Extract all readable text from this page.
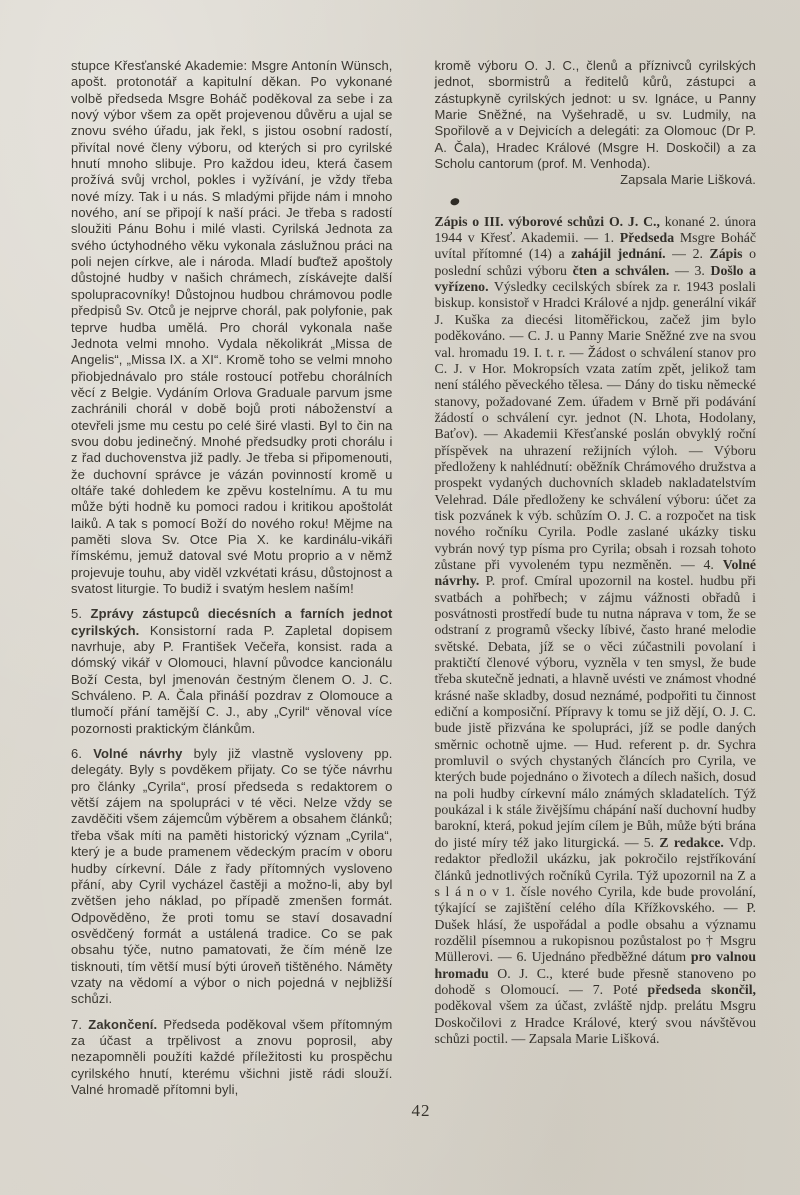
stupce Křesťanské Akademie: Msgre Antonín Wünsch, apošt. protonotář a kapitulní děkan. Po vykonané volbě předseda Msgre Boháč poděkoval za sebe i za nový výbor všem za opět projevenou důvěru a ujal se znovu svého úřadu, jak řekl, s jistou osobní radostí, přivítal nové členy výboru, od kterých si pro cyrilské hnutí mnoho slibuje. Pro každou ideu, která časem prožívá svůj vrchol, pokles i vyžívání, je vždy třeba nové mízy. Tak i u nás. S mladými přijde nám i mnoho nového, aní se připojí k naší práci. Je třeba s radostí sloužiti Pánu Bohu i milé vlasti. Cyrilská Jednota za svého úctyhodného věku vykonala záslužnou práci na poli nejen církve, ale i národa. Mladí buďtež apoštoly důstojné hudby v našich chrámech, získávejte další spolupracovníky! Důstojnou hudbou chrámovou podle předpisů Sv. Otců je nejprve chorál, pak polyfonie, pak teprve hudba umělá. Pro chorál vykonala naše Jednota velmi mnoho. Vydala několikrát „Missa de Angelis“, „Missa IX. a XI“. Kromě toho se velmi mnoho přiobjednávalo pro stále rostoucí potřebu chorálních věcí z Belgie. Vydáním Orlova Graduale parvum jsme zachránili chorál v době bojů proti náboženství a otevřeli jsme mu cestu po celé širé vlasti. Byl to čin na svou dobu jedinečný. Mnohé předsudky proti chorálu i z řad duchovenstva již padly. Je třeba si připomenouti, že duchovní správce je vázán povinností kromě u oltáře také dohledem ke zpěvu kostelnímu. A tu mu může býti hodně ku pomoci radou i kritikou apoštolát laiků. A tak s pomocí Boží do nového roku! Mějme na paměti slova Sv. Otce Pia X. ke kardinálu-vikáři římskému, jemuž datoval své Motu proprio a v němž projevuje touhu, aby viděl vzkvétati krásu, důstojnost a svatost liturgie. To budiž i svatým heslem naším!

5. Zprávy zástupců diecésních a farních jednot cyrilských. Konsistorní rada P. Zapletal dopisem navrhuje, aby P. František Večeřa, konsist. rada a dómský vikář v Olomouci, hlavní původce kancionálu Boží Cesta, byl jmenován čestným členem O. J. C. Schváleno. P. A. Čala přináší pozdrav z Olomouce a tlumočí přání tamější C. J., aby „Cyril“ věnoval více pozornosti praktickým článkům.

6. Volné návrhy byly již vlastně vysloveny pp. delegáty. Byly s povděkem přijaty. Co se týče návrhu pro články „Cyrila“, prosí předseda s redaktorem o větší zájem na spolupráci v té věci. Nelze vždy se zavděčiti všem zájemcům výběrem a obsahem článků; třeba však míti na paměti historický význam „Cyrila“, který je a bude pramenem vědeckým pracím v oboru hudby církevní. Dále z řady přítomných vysloveno přání, aby Cyril vycházel častěji a možno-li, aby byl zvětšen jeho náklad, po případě zmenšen formát. Odpověděno, že proti tomu se staví dosavadní osvědčený formát a ustálená tradice. Co se pak obsahu týče, nutno pamatovati, že čím méně lze tisknouti, tím větší musí býti úroveň tištěného. Náměty vzaty na vědomí a výbor o nich pojedná v nejbližší schůzi.

7. Zakončení. Předseda poděkoval všem přítomným za účast a trpělivost a znovu poprosil, aby nezapomněli použíti každé příležitosti ku prospěchu cyrilského hnutí, kterému všichni jistě rádi slouží. Valné hromadě přítomni byli,

kromě výboru O. J. C., členů a příznivců cyrilských jednot, sbormistrů a ředitelů kůrů, zástupci a zástupkyně cyrilských jednot: u sv. Ignáce, u Panny Marie Sněžné, na Vyšehradě, u sv. Ludmily, na Spořilově a v Dejvicích a delegáti: za Olomouc (Dr P. A. Čala), Hradec Králové (Msgre H. Doskočil) a za Scholu cantorum (prof. M. Venhoda).

Zapsala Marie Lišková.
●

Zápis o III. výborové schůzi O. J. C., konané 2. února 1944 v Křesť. Akademii. — 1. Předseda Msgre Boháč uvítal přítomné (14) a zahájil jednání. — 2. Zápis o poslední schůzi výboru čten a schválen. — 3. Došlo a vyřízeno. Výsledky cecilských sbírek za r. 1943 poslali biskup. konsistoř v Hradci Králové a njdp. generální vikář J. Kuška za diecési litoměřickou, začež jim bylo poděkováno. — C. J. u Panny Marie Sněžné zve na svou val. hromadu 19. I. t. r. — Žádost o schválení stanov pro C. J. v Hor. Mokropsích vzata zatím zpět, jelikož tam není stálého pěveckého tělesa. — Dány do tisku německé stanovy, požadované Zem. úřadem v Brně při podávání žádostí o schválení cyr. jednot (N. Lhota, Hodolany, Baťov). — Akademii Křesťanské poslán obvyklý roční příspěvek na uhrazení režijních výloh. — Výboru předloženy k nahlédnutí: oběžník Chrámového družstva a prospekt vydaných duchovních skladeb nakladatelstvím Velehrad. Dále předloženy ke schválení výboru: účet za tisk pozvánek k výb. schůzím O. J. C. a rozpočet na tisk nového ročníku Cyrila. Podle zaslané ukázky tisku vybrán nový typ písma pro Cyrila; obsah i rozsah tohoto zůstane při vyvoleném typu nezměněn. — 4. Volné návrhy. P. prof. Cmíral upozornil na kostel. hudbu při svatbách a pohřbech; v zájmu vážnosti obřadů i posvátnosti prostředí bude tu nutna náprava v tom, že se odstraní z programů všecky líbivé, často hrané melodie světské. Debata, jíž se o věci zúčastnili povolaní i praktičtí členové výboru, vyzněla v ten smysl, že bude třeba skutečně jednati, a hlavně uvésti ve známost vhodné krásné naše skladby, dosud neznámé, podpořiti tu činnost ediční a komposiční. Přípravy k tomu se již dějí, O. J. C. bude jistě přizvána ke spolupráci, jíž se podle daných směrnic ochotně ujme. — Hud. referent p. dr. Sychra promluvil o svých chystaných článcích pro Cyrila, ve kterých bude pojednáno o životech a dílech našich, dosud na poli hudby církevní málo známých skladatelích. Týž poukázal i k stále živějšímu chápání naší duchovní hudby barokní, která, pokud jejím cílem je Bůh, může býti brána do jisté míry též jako liturgická. — 5. Z redakce. Vdp. redaktor předložil ukázku, jak pokročilo rejstříkování článků jednotlivých ročníků Cyrila. Týž upozornil na Z a s l á n o v 1. čísle nového Cyrila, kde bude provolání, týkající se zajištění celého díla Křížkovského. — P. Dušek hlásí, že uspořádal a podle obsahu a významu rozdělil písemnou a rukopisnou pozůstalost po † Msgru Müllerovi. — 6. Ujednáno předběžné dátum pro valnou hromadu O. J. C., které bude přesně stanoveno po dohodě s Olomoucí. — 7. Poté předseda skončil, poděkoval všem za účast, zvláště njdp. prelátu Msgru Doskočilovi z Hradce Králové, který svou návštěvou schůzi poctil. — Zapsala Marie Lišková.

42
